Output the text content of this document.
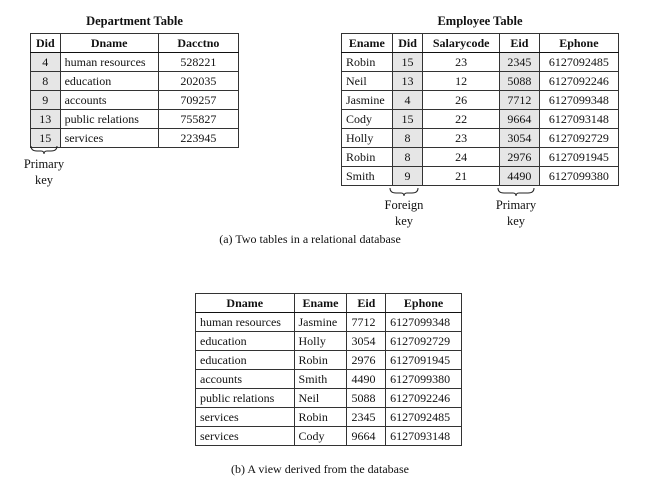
Department Table
Did	Dname	Dacctno
4	human resources	528221
8	education	202035
9	accounts	709257
13	public relations	755827
15	services	223945
Primary
key
Employee Table
Ename	Did	Salarycode	Eid	Ephone
Robin	15	23	2345	6127092485
Neil	13	12	5088	6127092246
Jasmine	4	26	7712	6127099348
Cody	15	22	9664	6127093148
Holly	8	23	3054	6127092729
Robin	8	24	2976	6127091945
Smith	9	21	4490	6127099380
Foreign
key
Primary
key
(a) Two tables in a relational database
Dname	Ename	Eid	Ephone
human resources	Jasmine	7712	6127099348
education	Holly	3054	6127092729
education	Robin	2976	6127091945
accounts	Smith	4490	6127099380
public relations	Neil	5088	6127092246
services	Robin	2345	6127092485
services	Cody	9664	6127093148
(b) A view derived from the database
